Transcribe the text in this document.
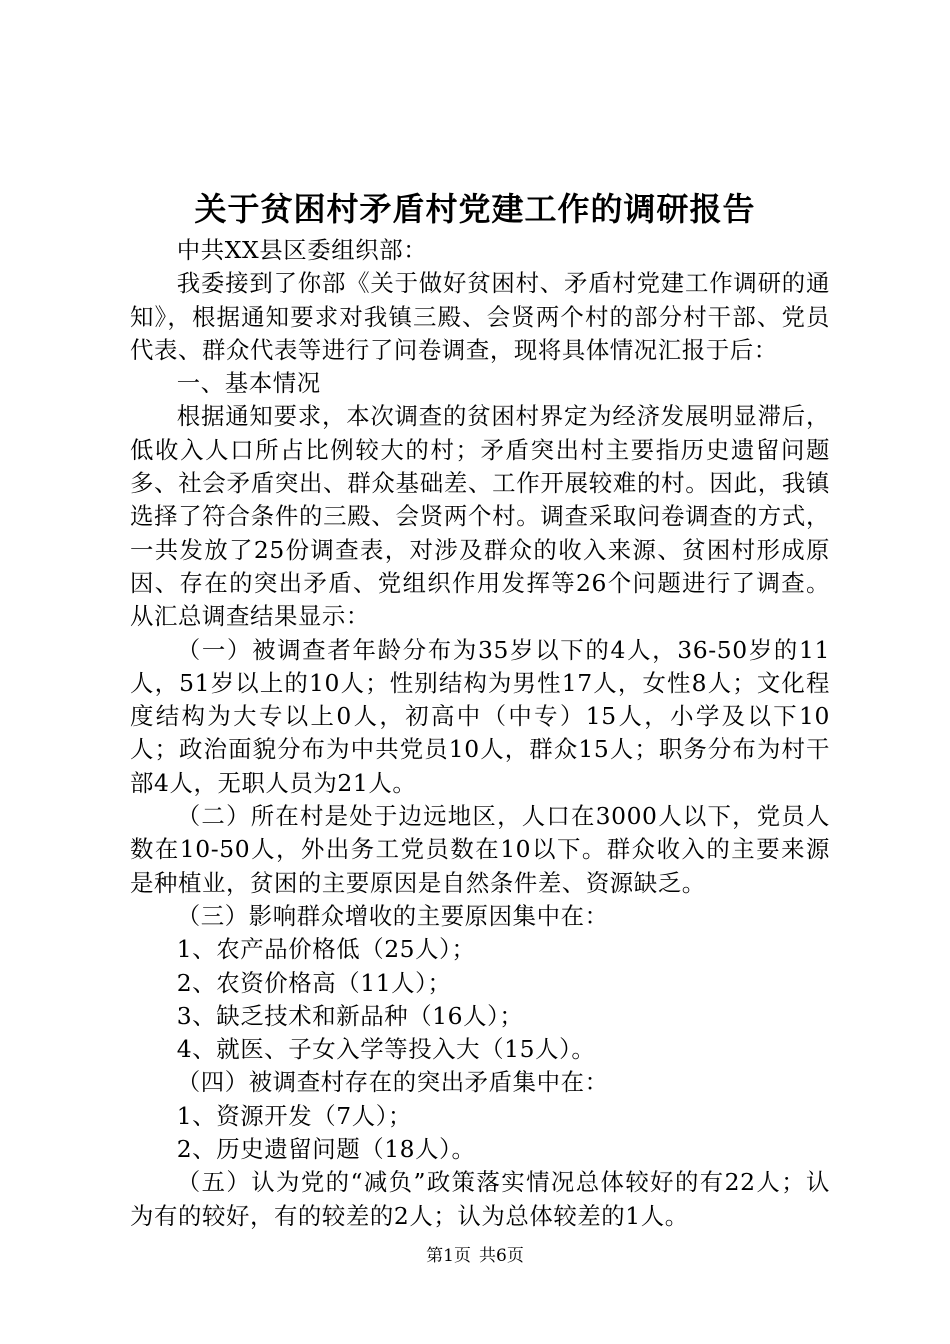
关于贫困村矛盾村党建工作的调研报告

中共XX县区委组织部：

我委接到了你部《关于做好贫困村、矛盾村党建工作调研的通知》，根据通知要求对我镇三殿、会贤两个村的部分村干部、党员代表、群众代表等进行了问卷调查，现将具体情况汇报于后：

一、基本情况

根据通知要求，本次调查的贫困村界定为经济发展明显滞后，低收入人口所占比例较大的村；矛盾突出村主要指历史遗留问题多、社会矛盾突出、群众基础差、工作开展较难的村。因此，我镇选择了符合条件的三殿、会贤两个村。调查采取问卷调查的方式，一共发放了25份调查表，对涉及群众的收入来源、贫困村形成原因、存在的突出矛盾、党组织作用发挥等26个问题进行了调查。从汇总调查结果显示：

（一）被调查者年龄分布为35岁以下的4人，36-50岁的11人，51岁以上的10人；性别结构为男性17人，女性8人；文化程度结构为大专以上0人，初高中（中专）15人，小学及以下10人；政治面貌分布为中共党员10人，群众15人；职务分布为村干部4人，无职人员为21人。

（二）所在村是处于边远地区，人口在3000人以下，党员人数在10-50人，外出务工党员数在10以下。群众收入的主要来源是种植业，贫困的主要原因是自然条件差、资源缺乏。

（三）影响群众增收的主要原因集中在：

1、农产品价格低（25人）；

2、农资价格高（11人）；

3、缺乏技术和新品种（16人）；

4、就医、子女入学等投入大（15人）。

（四）被调查村存在的突出矛盾集中在：

1、资源开发（7人）；

2、历史遗留问题（18人）。

（五）认为党的“减负”政策落实情况总体较好的有22人；认为有的较好，有的较差的2人；认为总体较差的1人。

第1页 共6页
